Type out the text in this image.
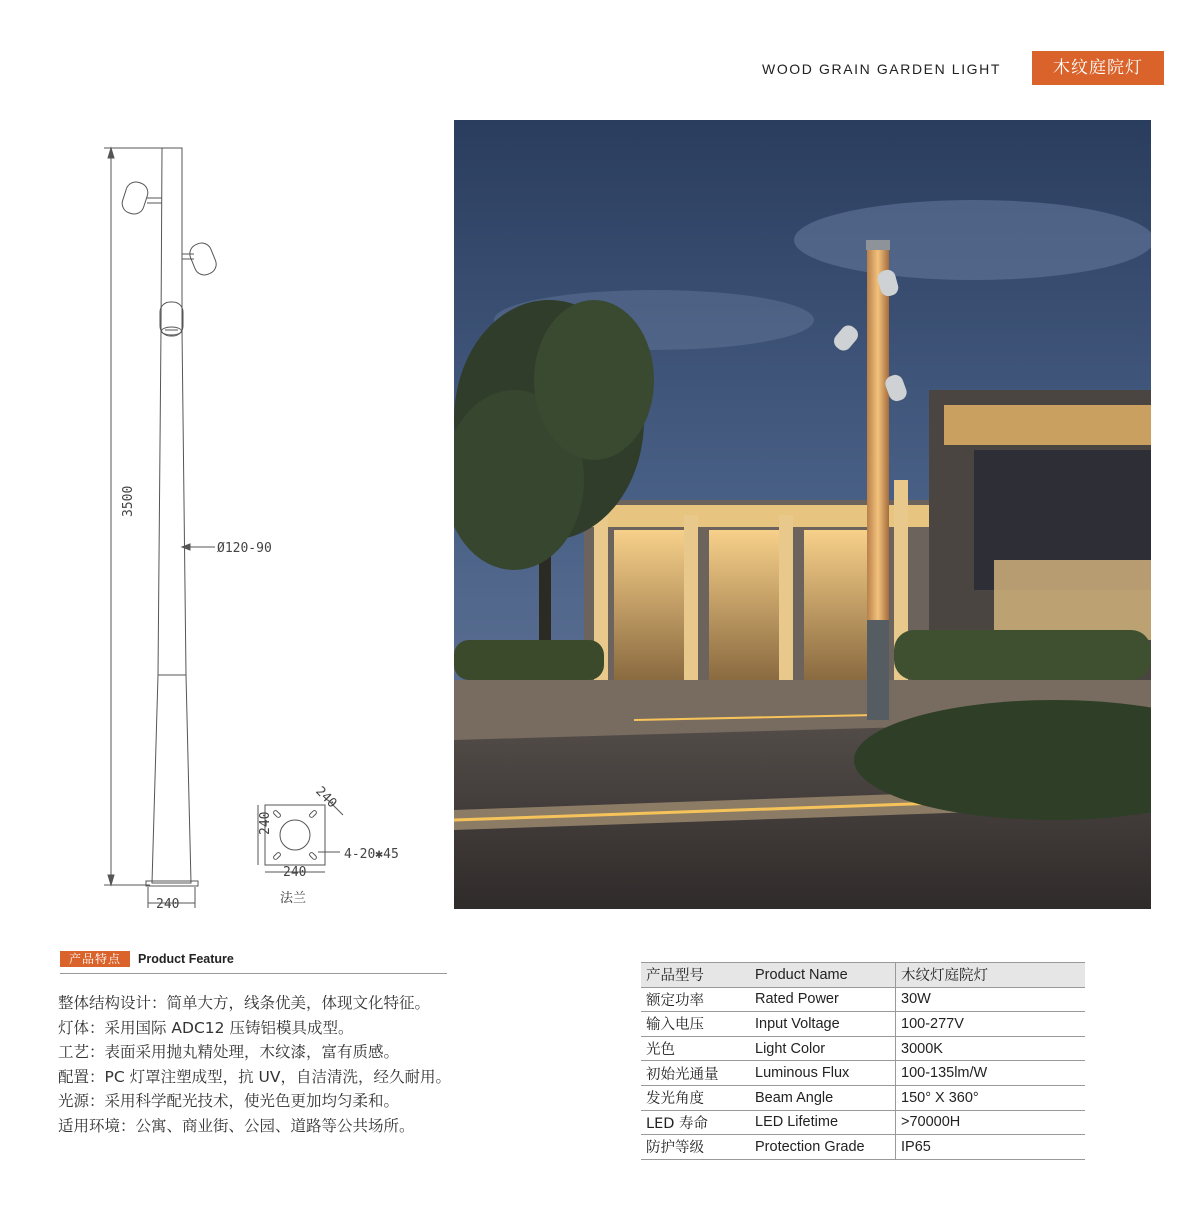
WOOD GRAIN GARDEN LIGHT	木纹庭院灯
3500
Ø120-90
240
240
240
240
4-20✱45
法兰
产品特点	Product Feature
整体结构设计：简单大方，线条优美，体现文化特征。
灯体：采用国际 ADC12 压铸铝模具成型。
工艺：表面采用抛丸精处理，木纹漆，富有质感。
配置：PC 灯罩注塑成型，抗 UV，自洁清洗，经久耐用。
光源：采用科学配光技术，使光色更加均匀柔和。
适用环境：公寓、商业街、公园、道路等公共场所。
产品型号	Product Name	木纹灯庭院灯
额定功率	Rated Power	30W
输入电压	Input Voltage	100-277V
光色	Light Color	3000K
初始光通量	Luminous Flux	100-135lm/W
发光角度	Beam Angle	150° X 360°
LED 寿命	LED Lifetime	>70000H
防护等级	Protection Grade	IP65
